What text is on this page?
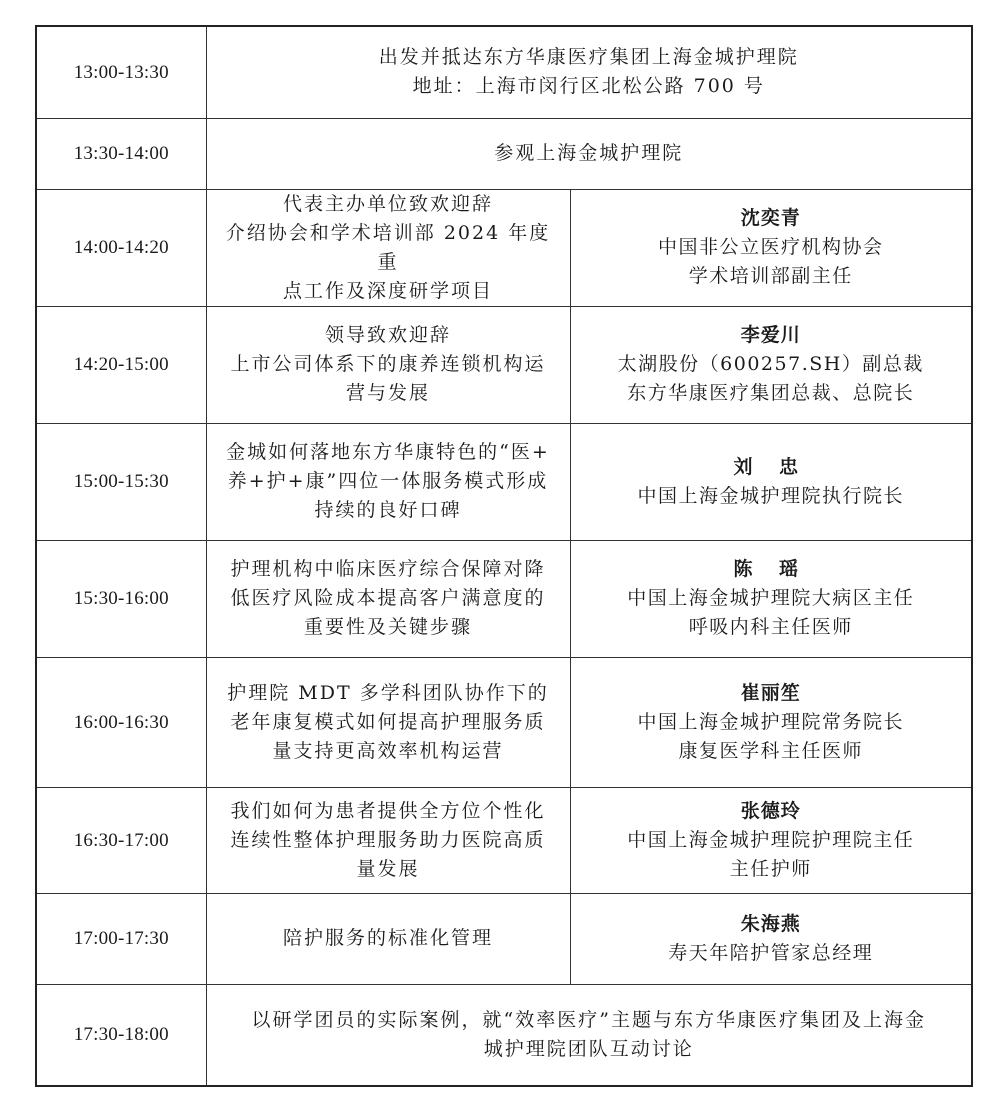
13:00-13:30	出发并抵达东方华康医疗集团上海金城护理院
地址：上海市闵行区北松公路 700 号	

13:30-14:00	参观上海金城护理院	

14:00-14:20	代表主办单位致欢迎辞
介绍协会和学术培训部 2024 年度重
点工作及深度研学项目	沈奕青
中国非公立医疗机构协会
学术培训部副主任

14:20-15:00	领导致欢迎辞
上市公司体系下的康养连锁机构运
营与发展	李爱川
太湖股份（600257.SH）副总裁
东方华康医疗集团总裁、总院长

15:00-15:30	金城如何落地东方华康特色的“医+
养+护+康”四位一体服务模式形成
持续的良好口碑	刘 忠
中国上海金城护理院执行院长

15:30-16:00	护理机构中临床医疗综合保障对降
低医疗风险成本提高客户满意度的
重要性及关键步骤	陈 瑶
中国上海金城护理院大病区主任
呼吸内科主任医师

16:00-16:30	护理院 MDT 多学科团队协作下的
老年康复模式如何提高护理服务质
量支持更高效率机构运营	崔丽笙
中国上海金城护理院常务院长
康复医学科主任医师

16:30-17:00	我们如何为患者提供全方位个性化
连续性整体护理服务助力医院高质
量发展	张德玲
中国上海金城护理院护理院主任
主任护师

17:00-17:30	陪护服务的标准化管理	朱海燕
寿天年陪护管家总经理

17:30-18:00	以研学团员的实际案例，就“效率医疗”主题与东方华康医疗集团及上海金
城护理院团队互动讨论	
